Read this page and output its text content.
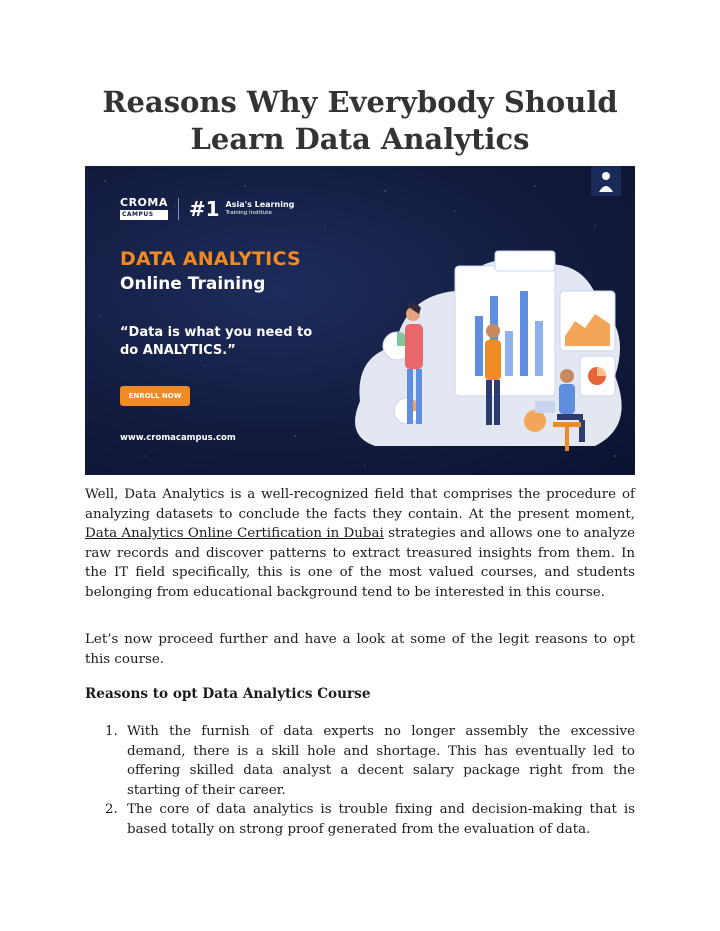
Reasons Why Everybody Should Learn Data Analytics
CROMA
CAMPUS	#1 Asia's Learning
Training Institute
DATA ANALYTICS
Online Training
“Data is what you need to do ANALYTICS.”
ENROLL NOW
www.cromacampus.com

Well, Data Analytics is a well-recognized field that comprises the procedure of analyzing datasets to conclude the facts they contain. At the present moment, Data Analytics Online Certification in Dubai strategies and allows one to analyze raw records and discover patterns to extract treasured insights from them. In the IT field specifically, this is one of the most valued courses, and students belonging from educational background tend to be interested in this course.

Let’s now proceed further and have a look at some of the legit reasons to opt this course.

Reasons to opt Data Analytics Course
1. With the furnish of data experts no longer assembly the excessive demand, there is a skill hole and shortage. This has eventually led to offering skilled data analyst a decent salary package right from the starting of their career.
2. The core of data analytics is trouble fixing and decision-making that is based totally on strong proof generated from the evaluation of data.
